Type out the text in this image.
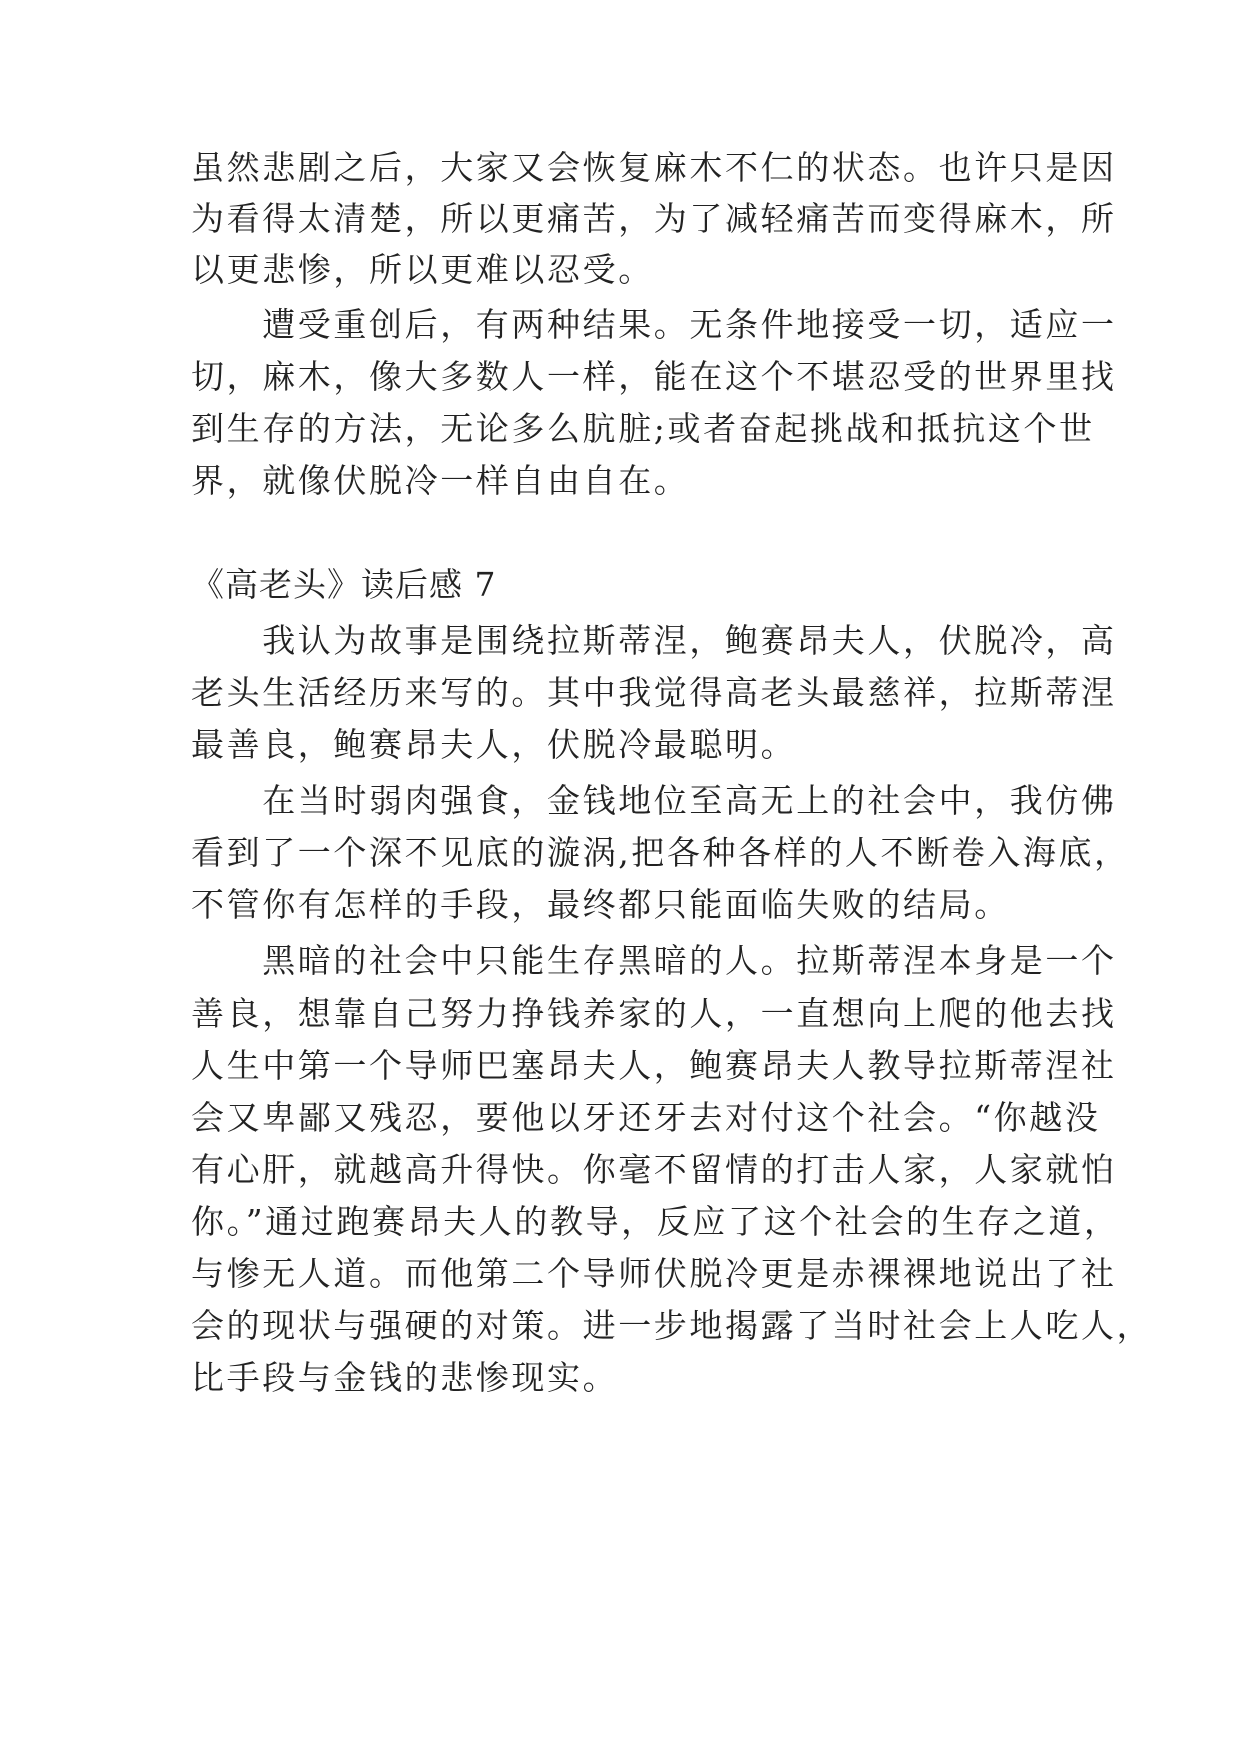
虽然悲剧之后，大家又会恢复麻木不仁的状态。也许只是因
为看得太清楚，所以更痛苦，为了减轻痛苦而变得麻木，所
以更悲惨，所以更难以忍受。
　　遭受重创后，有两种结果。无条件地接受一切，适应一
切，麻木，像大多数人一样，能在这个不堪忍受的世界里找
到生存的方法，无论多么肮脏;或者奋起挑战和抵抗这个世
界，就像伏脱冷一样自由自在。
《高老头》读后感 7
　　我认为故事是围绕拉斯蒂涅，鲍赛昂夫人，伏脱冷，高
老头生活经历来写的。其中我觉得高老头最慈祥，拉斯蒂涅
最善良，鲍赛昂夫人，伏脱冷最聪明。
　　在当时弱肉强食，金钱地位至高无上的社会中，我仿佛
看到了一个深不见底的漩涡,把各种各样的人不断卷入海底，
不管你有怎样的手段，最终都只能面临失败的结局。
　　黑暗的社会中只能生存黑暗的人。拉斯蒂涅本身是一个
善良，想靠自己努力挣钱养家的人，一直想向上爬的他去找
人生中第一个导师巴塞昂夫人，鲍赛昂夫人教导拉斯蒂涅社
会又卑鄙又残忍，要他以牙还牙去对付这个社会。“你越没
有心肝，就越高升得快。你毫不留情的打击人家，人家就怕
你。”通过跑赛昂夫人的教导，反应了这个社会的生存之道，
与惨无人道。而他第二个导师伏脱冷更是赤裸裸地说出了社
会的现状与强硬的对策。进一步地揭露了当时社会上人吃人，
比手段与金钱的悲惨现实。
